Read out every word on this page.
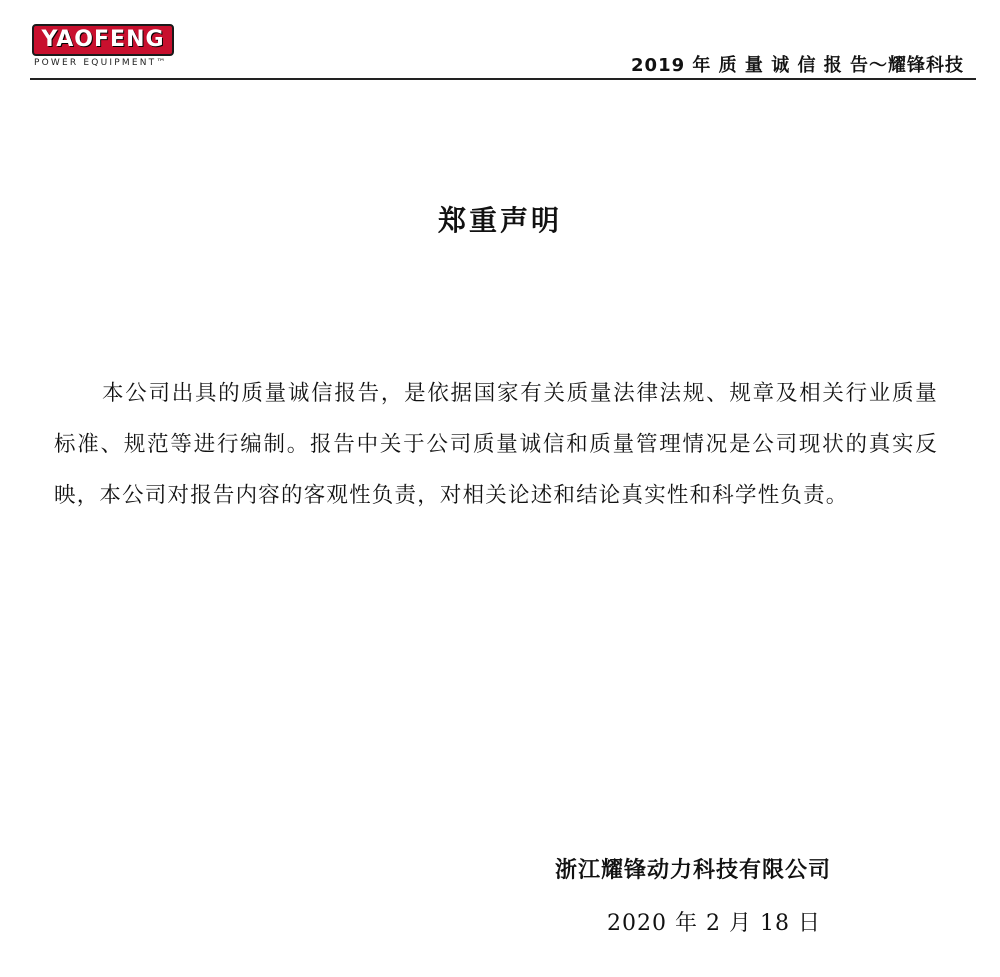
YAOFENG
POWER EQUIPMENT™	2019 年 质 量 诚 信 报 告～耀锋科技
郑重声明

本公司出具的质量诚信报告，是依据国家有关质量法律法规、规章及相关行业质量标准、规范等进行编制。报告中关于公司质量诚信和质量管理情况是公司现状的真实反映，本公司对报告内容的客观性负责，对相关论述和结论真实性和科学性负责。

浙江耀锋动力科技有限公司
2020 年 2 月 18 日
